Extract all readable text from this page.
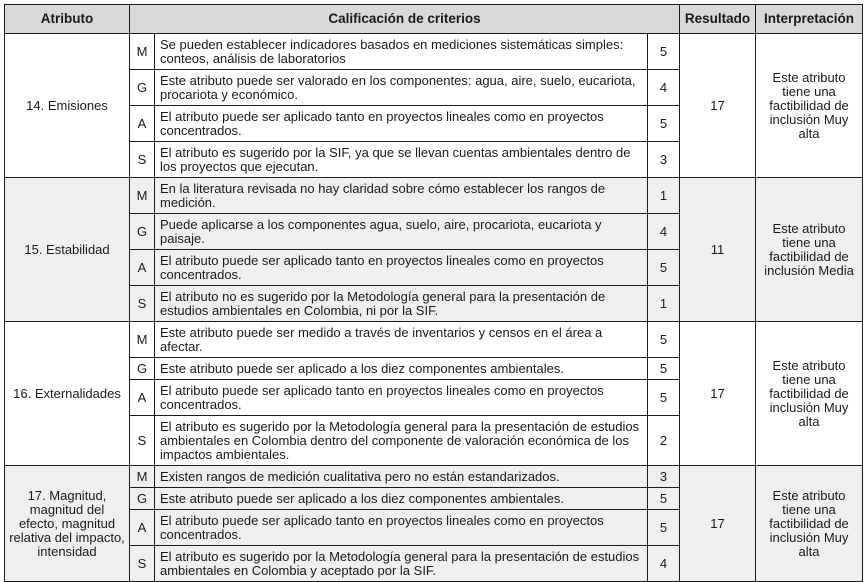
Atributo	Calificación de criterios			Resultado	Interpretación
14. Emisiones	M	Se pueden establecer indicadores basados en mediciones sistemáticas simples: conteos, análisis de laboratorios	5	17	Este atributo tiene una factibilidad de inclusión Muy alta
	G	Este atributo puede ser valorado en los componentes: agua, aire, suelo, eucariota, procariota y económico.	4		
	A	El atributo puede ser aplicado tanto en proyectos lineales como en proyectos concentrados.	5		
	S	El atributo es sugerido por la SIF, ya que se llevan cuentas ambientales dentro de los proyectos que ejecutan.	3		
15. Estabilidad	M	En la literatura revisada no hay claridad sobre cómo establecer los rangos de medición.	1	11	Este atributo tiene una factibilidad de inclusión Media
	G	Puede aplicarse a los componentes agua, suelo, aire, procariota, eucariota y paisaje.	4		
	A	El atributo puede ser aplicado tanto en proyectos lineales como en proyectos concentrados.	5		
	S	El atributo no es sugerido por la Metodología general para la presentación de estudios ambientales en Colombia, ni por la SIF.	1		
16. Externalidades	M	Este atributo puede ser medido a través de inventarios y censos en el área a afectar.	5	17	Este atributo tiene una factibilidad de inclusión Muy alta
	G	Este atributo puede ser aplicado a los diez componentes ambientales.	5		
	A	El atributo puede ser aplicado tanto en proyectos lineales como en proyectos concentrados.	5		
	S	El atributo es sugerido por la Metodología general para la presentación de estudios ambientales en Colombia dentro del componente de valoración económica de los impactos ambientales.	2		
17. Magnitud, magnitud del efecto, magnitud relativa del impacto, intensidad	M	Existen rangos de medición cualitativa pero no están estandarizados.	3	17	Este atributo tiene una factibilidad de inclusión Muy alta
	G	Este atributo puede ser aplicado a los diez componentes ambientales.	5		
	A	El atributo puede ser aplicado tanto en proyectos lineales como en proyectos concentrados.	5		
	S	El atributo es sugerido por la Metodología general para la presentación de estudios ambientales en Colombia y aceptado por la SIF.	4		
